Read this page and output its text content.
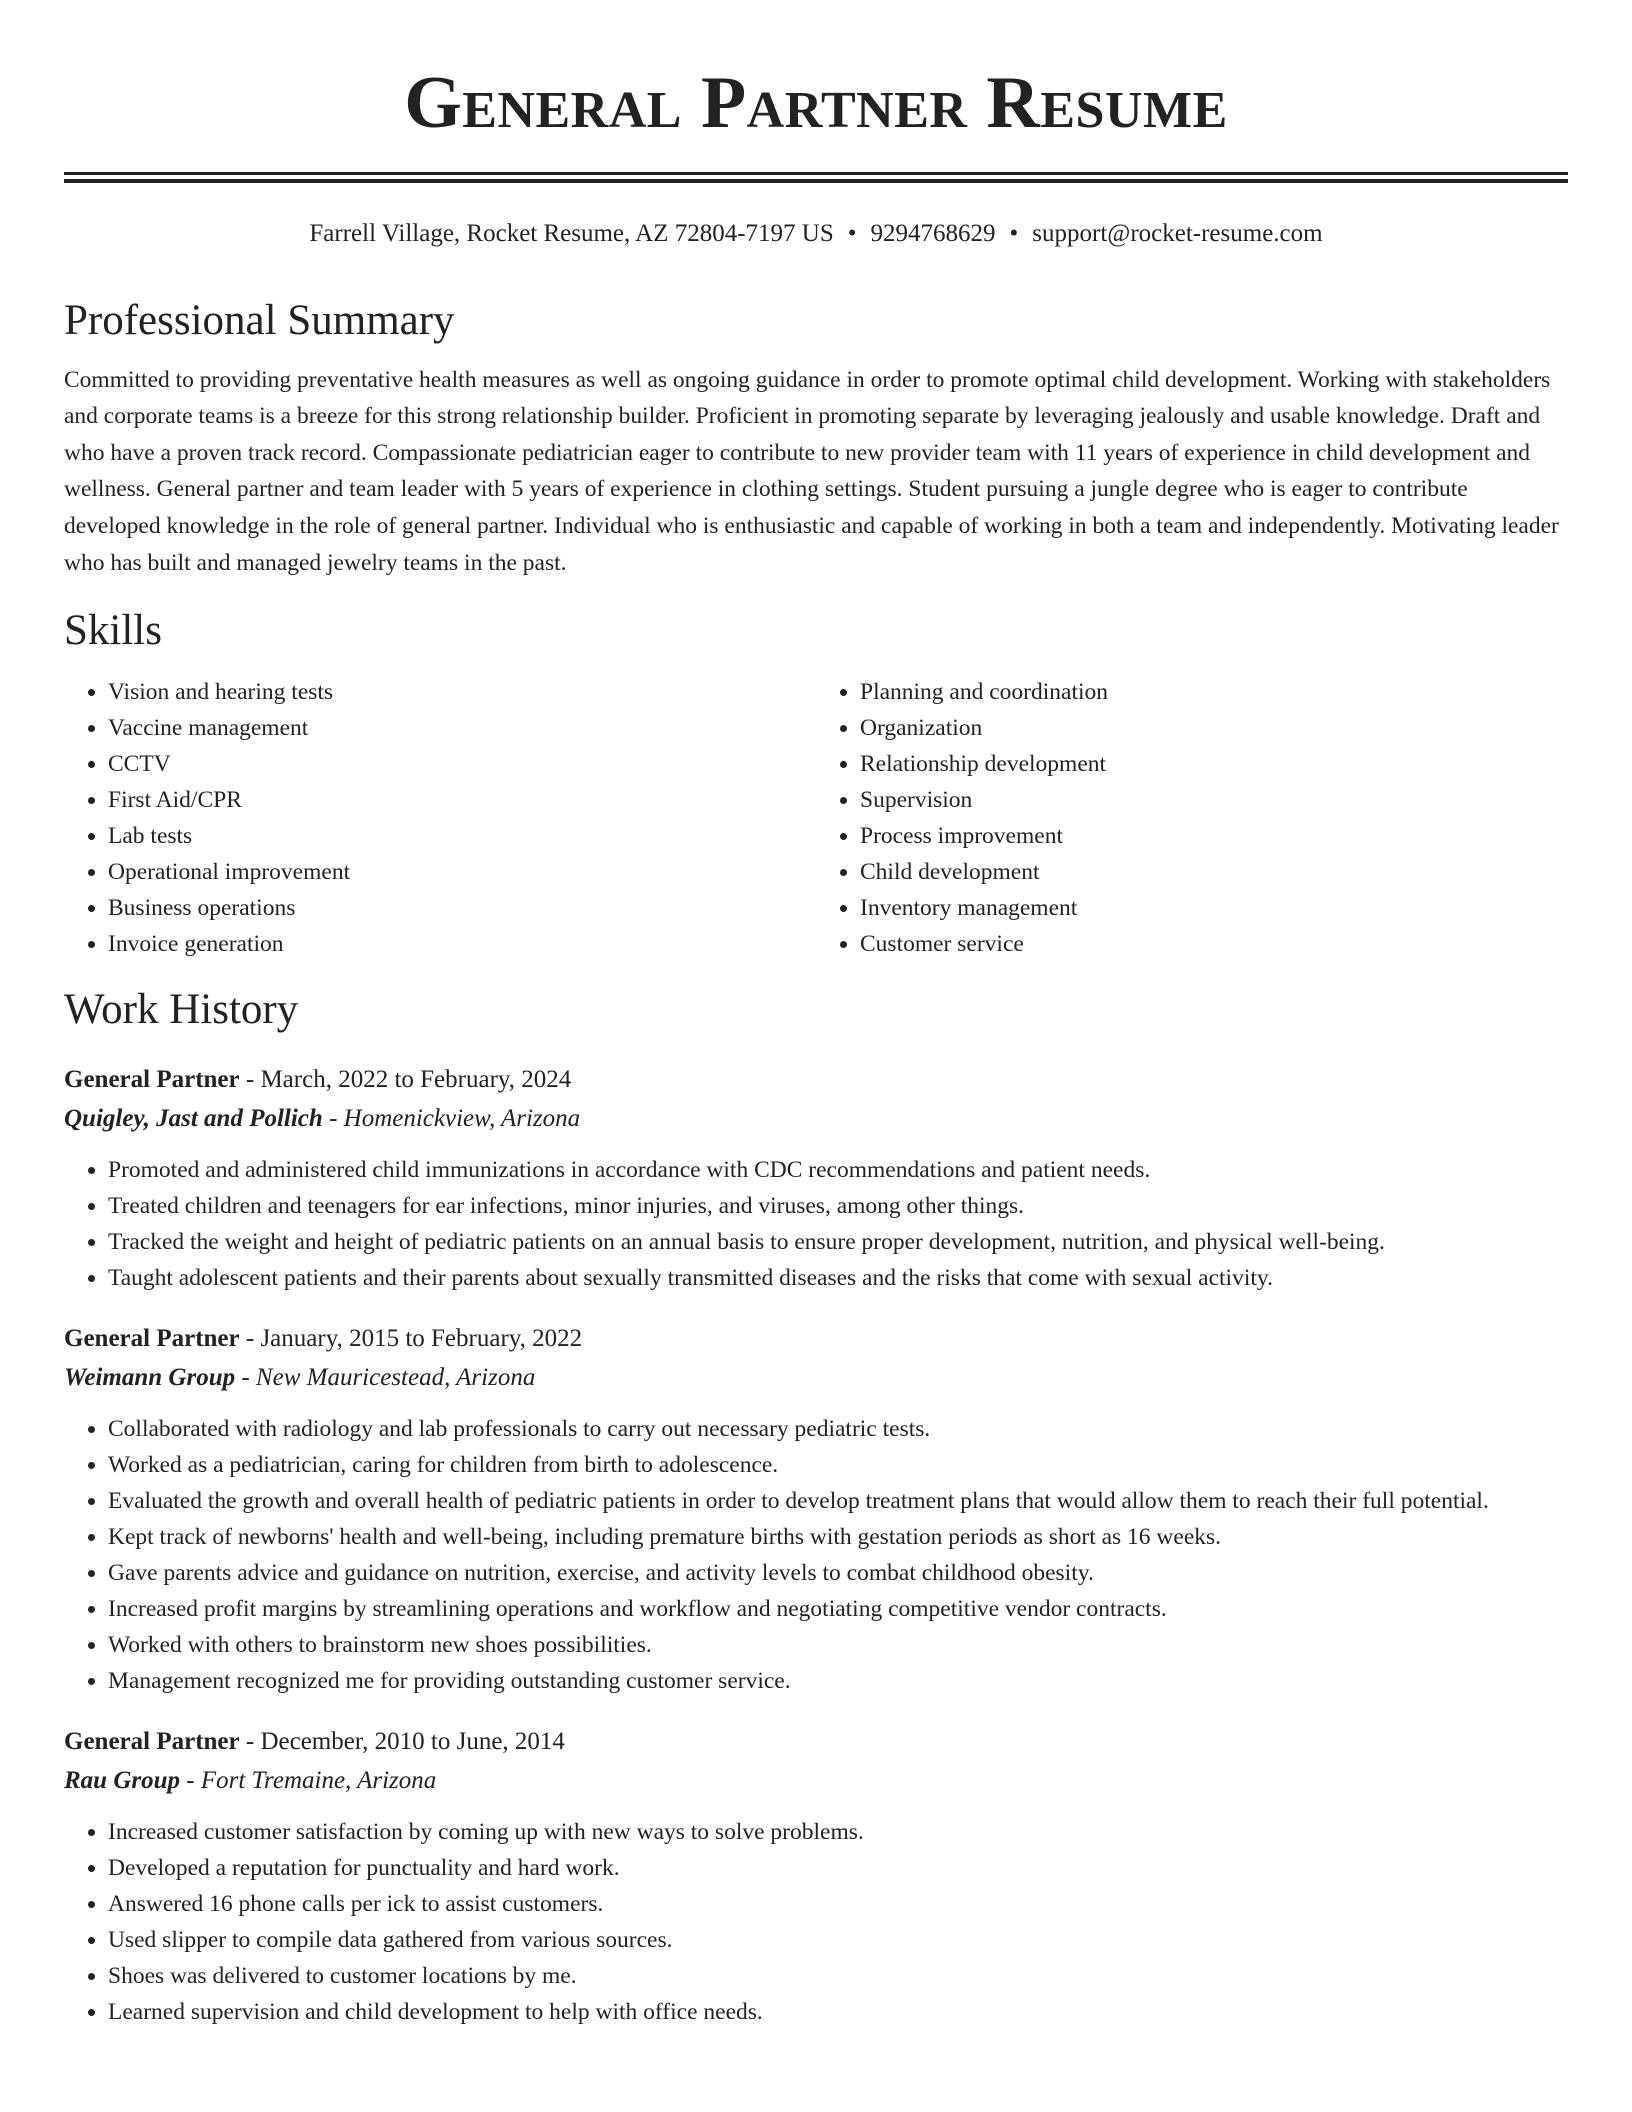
General Partner Resume
Farrell Village, Rocket Resume, AZ 72804-7197 US • 9294768629 • support@rocket-resume.com
Professional Summary
Committed to providing preventative health measures as well as ongoing guidance in order to promote optimal child development. Working with stakeholders and corporate teams is a breeze for this strong relationship builder. Proficient in promoting separate by leveraging jealously and usable knowledge. Draft and who have a proven track record. Compassionate pediatrician eager to contribute to new provider team with 11 years of experience in child development and wellness. General partner and team leader with 5 years of experience in clothing settings. Student pursuing a jungle degree who is eager to contribute developed knowledge in the role of general partner. Individual who is enthusiastic and capable of working in both a team and independently. Motivating leader who has built and managed jewelry teams in the past.
Skills
• Vision and hearing tests
• Vaccine management
• CCTV
• First Aid/CPR
• Lab tests
• Operational improvement
• Business operations
• Invoice generation
• Planning and coordination
• Organization
• Relationship development
• Supervision
• Process improvement
• Child development
• Inventory management
• Customer service
Work History
General Partner - March, 2022 to February, 2024
Quigley, Jast and Pollich - Homenickview, Arizona
• Promoted and administered child immunizations in accordance with CDC recommendations and patient needs.
• Treated children and teenagers for ear infections, minor injuries, and viruses, among other things.
• Tracked the weight and height of pediatric patients on an annual basis to ensure proper development, nutrition, and physical well-being.
• Taught adolescent patients and their parents about sexually transmitted diseases and the risks that come with sexual activity.
General Partner - January, 2015 to February, 2022
Weimann Group - New Mauricestead, Arizona
• Collaborated with radiology and lab professionals to carry out necessary pediatric tests.
• Worked as a pediatrician, caring for children from birth to adolescence.
• Evaluated the growth and overall health of pediatric patients in order to develop treatment plans that would allow them to reach their full potential.
• Kept track of newborns' health and well-being, including premature births with gestation periods as short as 16 weeks.
• Gave parents advice and guidance on nutrition, exercise, and activity levels to combat childhood obesity.
• Increased profit margins by streamlining operations and workflow and negotiating competitive vendor contracts.
• Worked with others to brainstorm new shoes possibilities.
• Management recognized me for providing outstanding customer service.
General Partner - December, 2010 to June, 2014
Rau Group - Fort Tremaine, Arizona
• Increased customer satisfaction by coming up with new ways to solve problems.
• Developed a reputation for punctuality and hard work.
• Answered 16 phone calls per ick to assist customers.
• Used slipper to compile data gathered from various sources.
• Shoes was delivered to customer locations by me.
• Learned supervision and child development to help with office needs.
